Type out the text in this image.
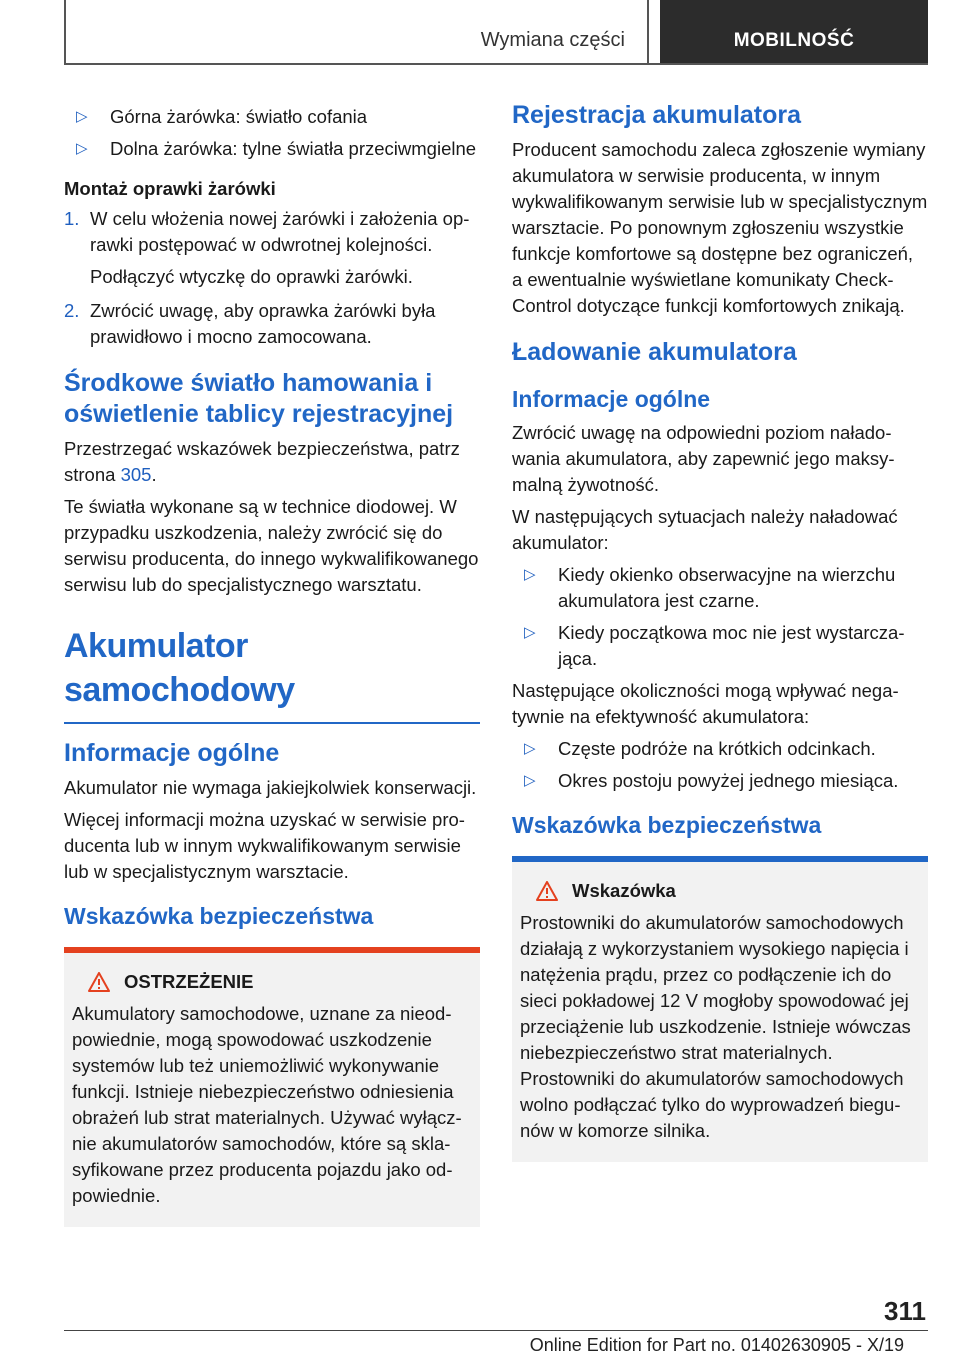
Wymiana części	MOBILNOŚĆ
▷	Górna żarówka: światło cofania
▷	Dolna żarówka: tylne światła przeciwmgielne
Montaż oprawki żarówki
1. W celu włożenia nowej żarówki i założenia oprawki postępować w odwrotnej kolejności.
Podłączyć wtyczkę do oprawki żarówki.
2. Zwrócić uwagę, aby oprawka żarówki była prawidłowo i mocno zamocowana.
Środkowe światło hamowania i oświetlenie tablicy rejestracyjnej

Przestrzegać wskazówek bezpieczeństwa, patrz strona 305.

Te światła wykonane są w technice diodowej. W przypadku uszkodzenia, należy zwrócić się do serwisu producenta, do innego wykwalifikowanego serwisu lub do specjalistycznego warsztatu.

Akumulator samochodowy
Informacje ogólne

Akumulator nie wymaga jakiejkolwiek konserwacji.

Więcej informacji można uzyskać w serwisie producenta lub w innym wykwalifikowanym serwisie lub w specjalistycznym warsztacie.

Wskazówka bezpieczeństwa
OSTRZEŻENIE

Akumulatory samochodowe, uznane za nieodpowiednie, mogą spowodować uszkodzenie systemów lub też uniemożliwić wykonywanie funkcji. Istnieje niebezpieczeństwo odniesienia obrażeń lub strat materialnych. Używać wyłącznie akumulatorów samochodów, które są sklasyfikowane przez producenta pojazdu jako odpowiednie.

Rejestracja akumulatora

Producent samochodu zaleca zgłoszenie wymiany akumulatora w serwisie producenta, w innym wykwalifikowanym serwisie lub w specjalistycznym warsztacie. Po ponownym zgłoszeniu wszystkie funkcje komfortowe są dostępne bez ograniczeń, a ewentualnie wyświetlane komunikaty Check-Control dotyczące funkcji komfortowych znikają.

Ładowanie akumulatora
Informacje ogólne

Zwrócić uwagę na odpowiedni poziom naładowania akumulatora, aby zapewnić jego maksymalną żywotność.

W następujących sytuacjach należy naładować akumulator:

▷	Kiedy okienko obserwacyjne na wierzchu akumulatora jest czarne.
▷	Kiedy początkowa moc nie jest wystarczająca.

Następujące okoliczności mogą wpływać negatywnie na efektywność akumulatora:

▷	Częste podróże na krótkich odcinkach.
▷	Okres postoju powyżej jednego miesiąca.
Wskazówka bezpieczeństwa
Wskazówka

Prostowniki do akumulatorów samochodowych działają z wykorzystaniem wysokiego napięcia i natężenia prądu, przez co podłączenie ich do sieci pokładowej 12 V mogłoby spowodować jej przeciążenie lub uszkodzenie. Istnieje wówczas niebezpieczeństwo strat materialnych. Prostowniki do akumulatorów samochodowych wolno podłączać tylko do wyprowadzeń biegunów w komorze silnika.

311
Online Edition for Part no. 01402630905 - X/19
